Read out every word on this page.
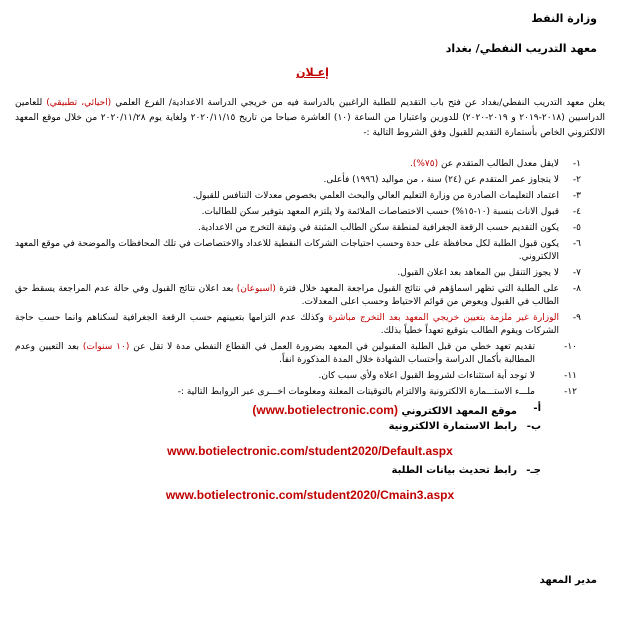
وزارة النفط
معهد التدريب النفطي/ بغداد
إعـلان
يعلن معهد التدريب النفطي/بغداد عن فتح باب التقديم للطلبة الراغبين بالدراسة فيه من خريجي الدراسة الاعدادية/ الفرع العلمي (احيائي، تطبيقي) للعامين الدراسيين (٢٠١٨-٢٠١٩ و ٢٠١٩-٢٠٢٠) للدورين واعتبارا من الساعة (١٠) العاشرة صباحا من تاريخ ٢٠٢٠/١١/١٥ ولغاية يوم ٢٠٢٠/١١/٢٨ من خلال موقع المعهد الالكتروني الخاص بأستمارة التقديم للقبول وفق الشروط التالية :-
١-
لايقل معدل الطالب المتقدم عن (٧٥%).
٢-
لا يتجاوز عمر المتقدم عن (٢٤) سنة ، من مواليد (١٩٩٦) فأعلى.
٣-
اعتماد التعليمات الصادرة من وزارة التعليم العالي والبحث العلمي بخصوص معدلات التنافس للقبول.
٤-
قبول الاناث بنسبة (١٠-١٥%) حسب الاختصاصات الملائمة ولا يلتزم المعهد بتوفير سكن للطالبات.
٥-
يكون التقديم حسب الرقعة الجغرافية لمنطقة سكن الطالب المثبتة في وثيقة التخرج من الاعدادية.
٦-
يكون قبول الطلبة لكل محافظة على حدة وحسب احتياجات الشركات النفطية للاعداد والاختصاصات في تلك المحافظات والموضحة في موقع المعهد الالكتروني.
٧-
لا يجوز التنقل بين المعاهد بعد اعلان القبول.
٨-
على الطلبة التي تظهر اسماؤهم في نتائج القبول مراجعة المعهد خلال فترة (اسبوعان) بعد اعلان نتائج القبول وفي حالة عدم المراجعة يسقط حق الطالب في القبول ويعوض من قوائم الاحتياط وحسب اعلى المعدلات.
٩-
الوزارة غير ملزمة بتعيين خريجي المعهد بعد التخرج مباشرة وكذلك عدم التزامها بتعيينهم حسب الرقعة الجغرافية لسكناهم وانما حسب حاجة الشركات ويقوم الطالب بتوقيع تعهداً خطياً بذلك.
١٠-
تقديم تعهد خطي من قبل الطلبة المقبولين في المعهد بضرورة العمل في القطاع النفطي مدة لا تقل عن (١٠ سنوات) بعد التعيين وعدم المطالبة بأكمال الدراسة وأحتساب الشهادة خلال المدة المذكورة انفاً.
١١-
لا توجد أية استثناءات لشروط القبول اعلاه ولأي سبب كان.
١٢-
ملـــء الاستـــمارة الالكترونية والالتزام بالتوقيتات المعلنة ومعلومات اخـــرى عبر الروابط التالية :-
أ-
موقع المعهد الالكتروني (www.botielectronic.com)
ب-
رابط الاستمارة الالكترونية
www.botielectronic.com/student2020/Default.aspx
جـ-
رابط تحديث بيانات الطلبة
www.botielectronic.com/student2020/Cmain3.aspx
مدير المعهد
